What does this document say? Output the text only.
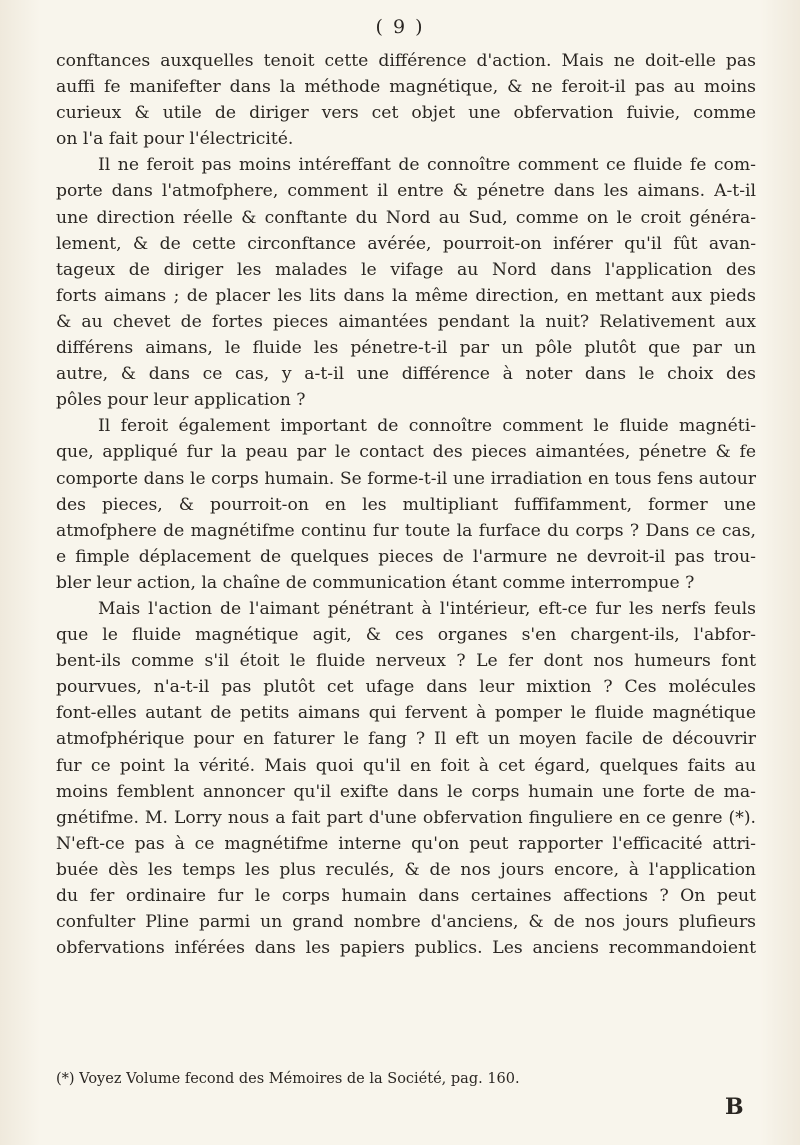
( 9 )
conftances auxquelles tenoit cette différence d'action. Mais ne doit-elle pas
auffi fe manifefter dans la méthode magnétique, & ne feroit-il pas au moins
curieux & utile de diriger vers cet objet une obfervation fuivie, comme
on l'a fait pour l'électricité.
Il ne feroit pas moins intéreffant de connoître comment ce fluide fe com-
porte dans l'atmofphere, comment il entre & pénetre dans les aimans. A-t-il
une direction réelle & conftante du Nord au Sud, comme on le croit généra-
lement, & de cette circonftance avérée, pourroit-on inférer qu'il fût avan-
tageux de diriger les malades le vifage au Nord dans l'application des
forts aimans ; de placer les lits dans la même direction, en mettant aux pieds
& au chevet de fortes pieces aimantées pendant la nuit? Relativement aux
différens aimans, le fluide les pénetre-t-il par un pôle plutôt que par un
autre, & dans ce cas, y a-t-il une différence à noter dans le choix des
pôles pour leur application ?
Il feroit également important de connoître comment le fluide magnéti-
que, appliqué fur la peau par le contact des pieces aimantées, pénetre & fe
comporte dans le corps humain. Se forme-t-il une irradiation en tous fens autour
des pieces, & pourroit-on en les multipliant fuffifamment, former une
atmofphere de magnétifme continu fur toute la furface du corps ? Dans ce cas,
e fimple déplacement de quelques pieces de l'armure ne devroit-il pas trou-
bler leur action, la chaîne de communication étant comme interrompue ?
Mais l'action de l'aimant pénétrant à l'intérieur, eft-ce fur les nerfs feuls
que le fluide magnétique agit, & ces organes s'en chargent-ils, l'abfor-
bent-ils comme s'il étoit le fluide nerveux ? Le fer dont nos humeurs font
pourvues, n'a-t-il pas plutôt cet ufage dans leur mixtion ? Ces molécules
font-elles autant de petits aimans qui fervent à pomper le fluide magnétique
atmofphérique pour en faturer le fang ? Il eft un moyen facile de découvrir
fur ce point la vérité. Mais quoi qu'il en foit à cet égard, quelques faits au
moins femblent annoncer qu'il exifte dans le corps humain une forte de ma-
gnétifme. M. Lorry nous a fait part d'une obfervation finguliere en ce genre (*).
N'eft-ce pas à ce magnétifme interne qu'on peut rapporter l'efficacité attri-
buée dès les temps les plus reculés, & de nos jours encore, à l'application
du fer ordinaire fur le corps humain dans certaines affections ? On peut
confulter Pline parmi un grand nombre d'anciens, & de nos jours plufieurs
obfervations inférées dans les papiers publics. Les anciens recommandoient
(*) Voyez Volume fecond des Mémoires de la Société, pag. 160.
B
